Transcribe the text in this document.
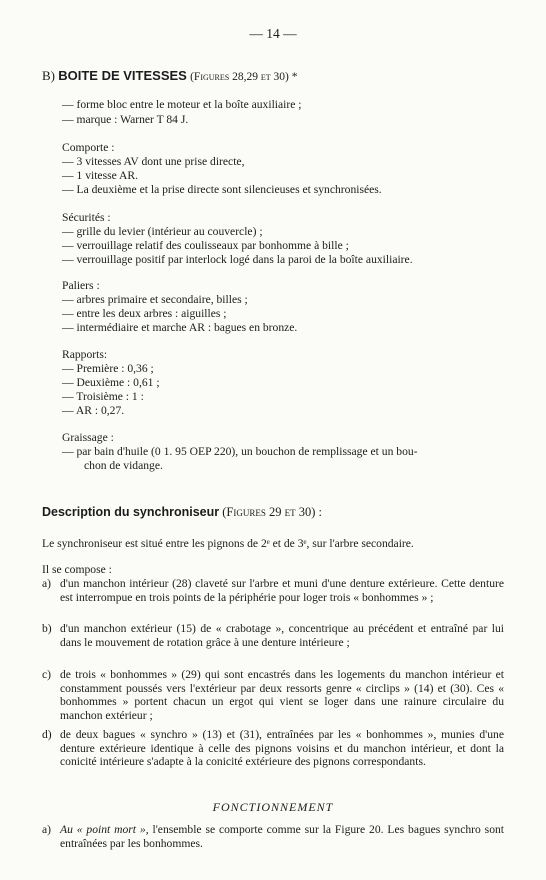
— 14 —
B) BOITE DE VITESSES (Figures 28,29 et 30) *
— forme bloc entre le moteur et la boîte auxiliaire ;
— marque : Warner T 84 J.
Comporte :
— 3 vitesses AV dont une prise directe,
— 1 vitesse AR.
— La deuxième et la prise directe sont silencieuses et synchronisées.
Sécurités :
— grille du levier (intérieur au couvercle) ;
— verrouillage relatif des coulisseaux par bonhomme à bille ;
— verrouillage positif par interlock logé dans la paroi de la boîte auxiliaire.
Paliers :
— arbres primaire et secondaire, billes ;
— entre les deux arbres : aiguilles ;
— intermédiaire et marche AR : bagues en bronze.
Rapports:
— Première : 0,36 ;
— Deuxième : 0,61 ;
— Troisième : 1 :
— AR : 0,27.
Graissage :
— par bain d'huile (0 1. 95 OEP 220), un bouchon de remplissage et un bou-
chon de vidange.
Description du synchroniseur (Figures 29 et 30) :
Le synchroniseur est situé entre les pignons de 2ᵉ et de 3ᵉ, sur l'arbre secondaire.
Il se compose :
a) d'un manchon intérieur (28) claveté sur l'arbre et muni d'une denture extérieure. Cette denture est interrompue en trois points de la périphérie pour loger trois « bonhommes » ;
b) d'un manchon extérieur (15) de « crabotage », concentrique au précédent et entraîné par lui dans le mouvement de rotation grâce à une denture intérieure ;
c) de trois « bonhommes » (29) qui sont encastrés dans les logements du manchon intérieur et constamment poussés vers l'extérieur par deux ressorts genre « circlips » (14) et (30). Ces « bonhommes » portent chacun un ergot qui vient se loger dans une rainure circulaire du manchon extérieur ;
d) de deux bagues « synchro » (13) et (31), entraînées par les « bonhommes », munies d'une denture extérieure identique à celle des pignons voisins et du manchon intérieur, et dont la conicité intérieure s'adapte à la conicité extérieure des pignons correspondants.
FONCTIONNEMENT
a) Au « point mort », l'ensemble se comporte comme sur la Figure 20. Les bagues synchro sont entraînées par les bonhommes.
